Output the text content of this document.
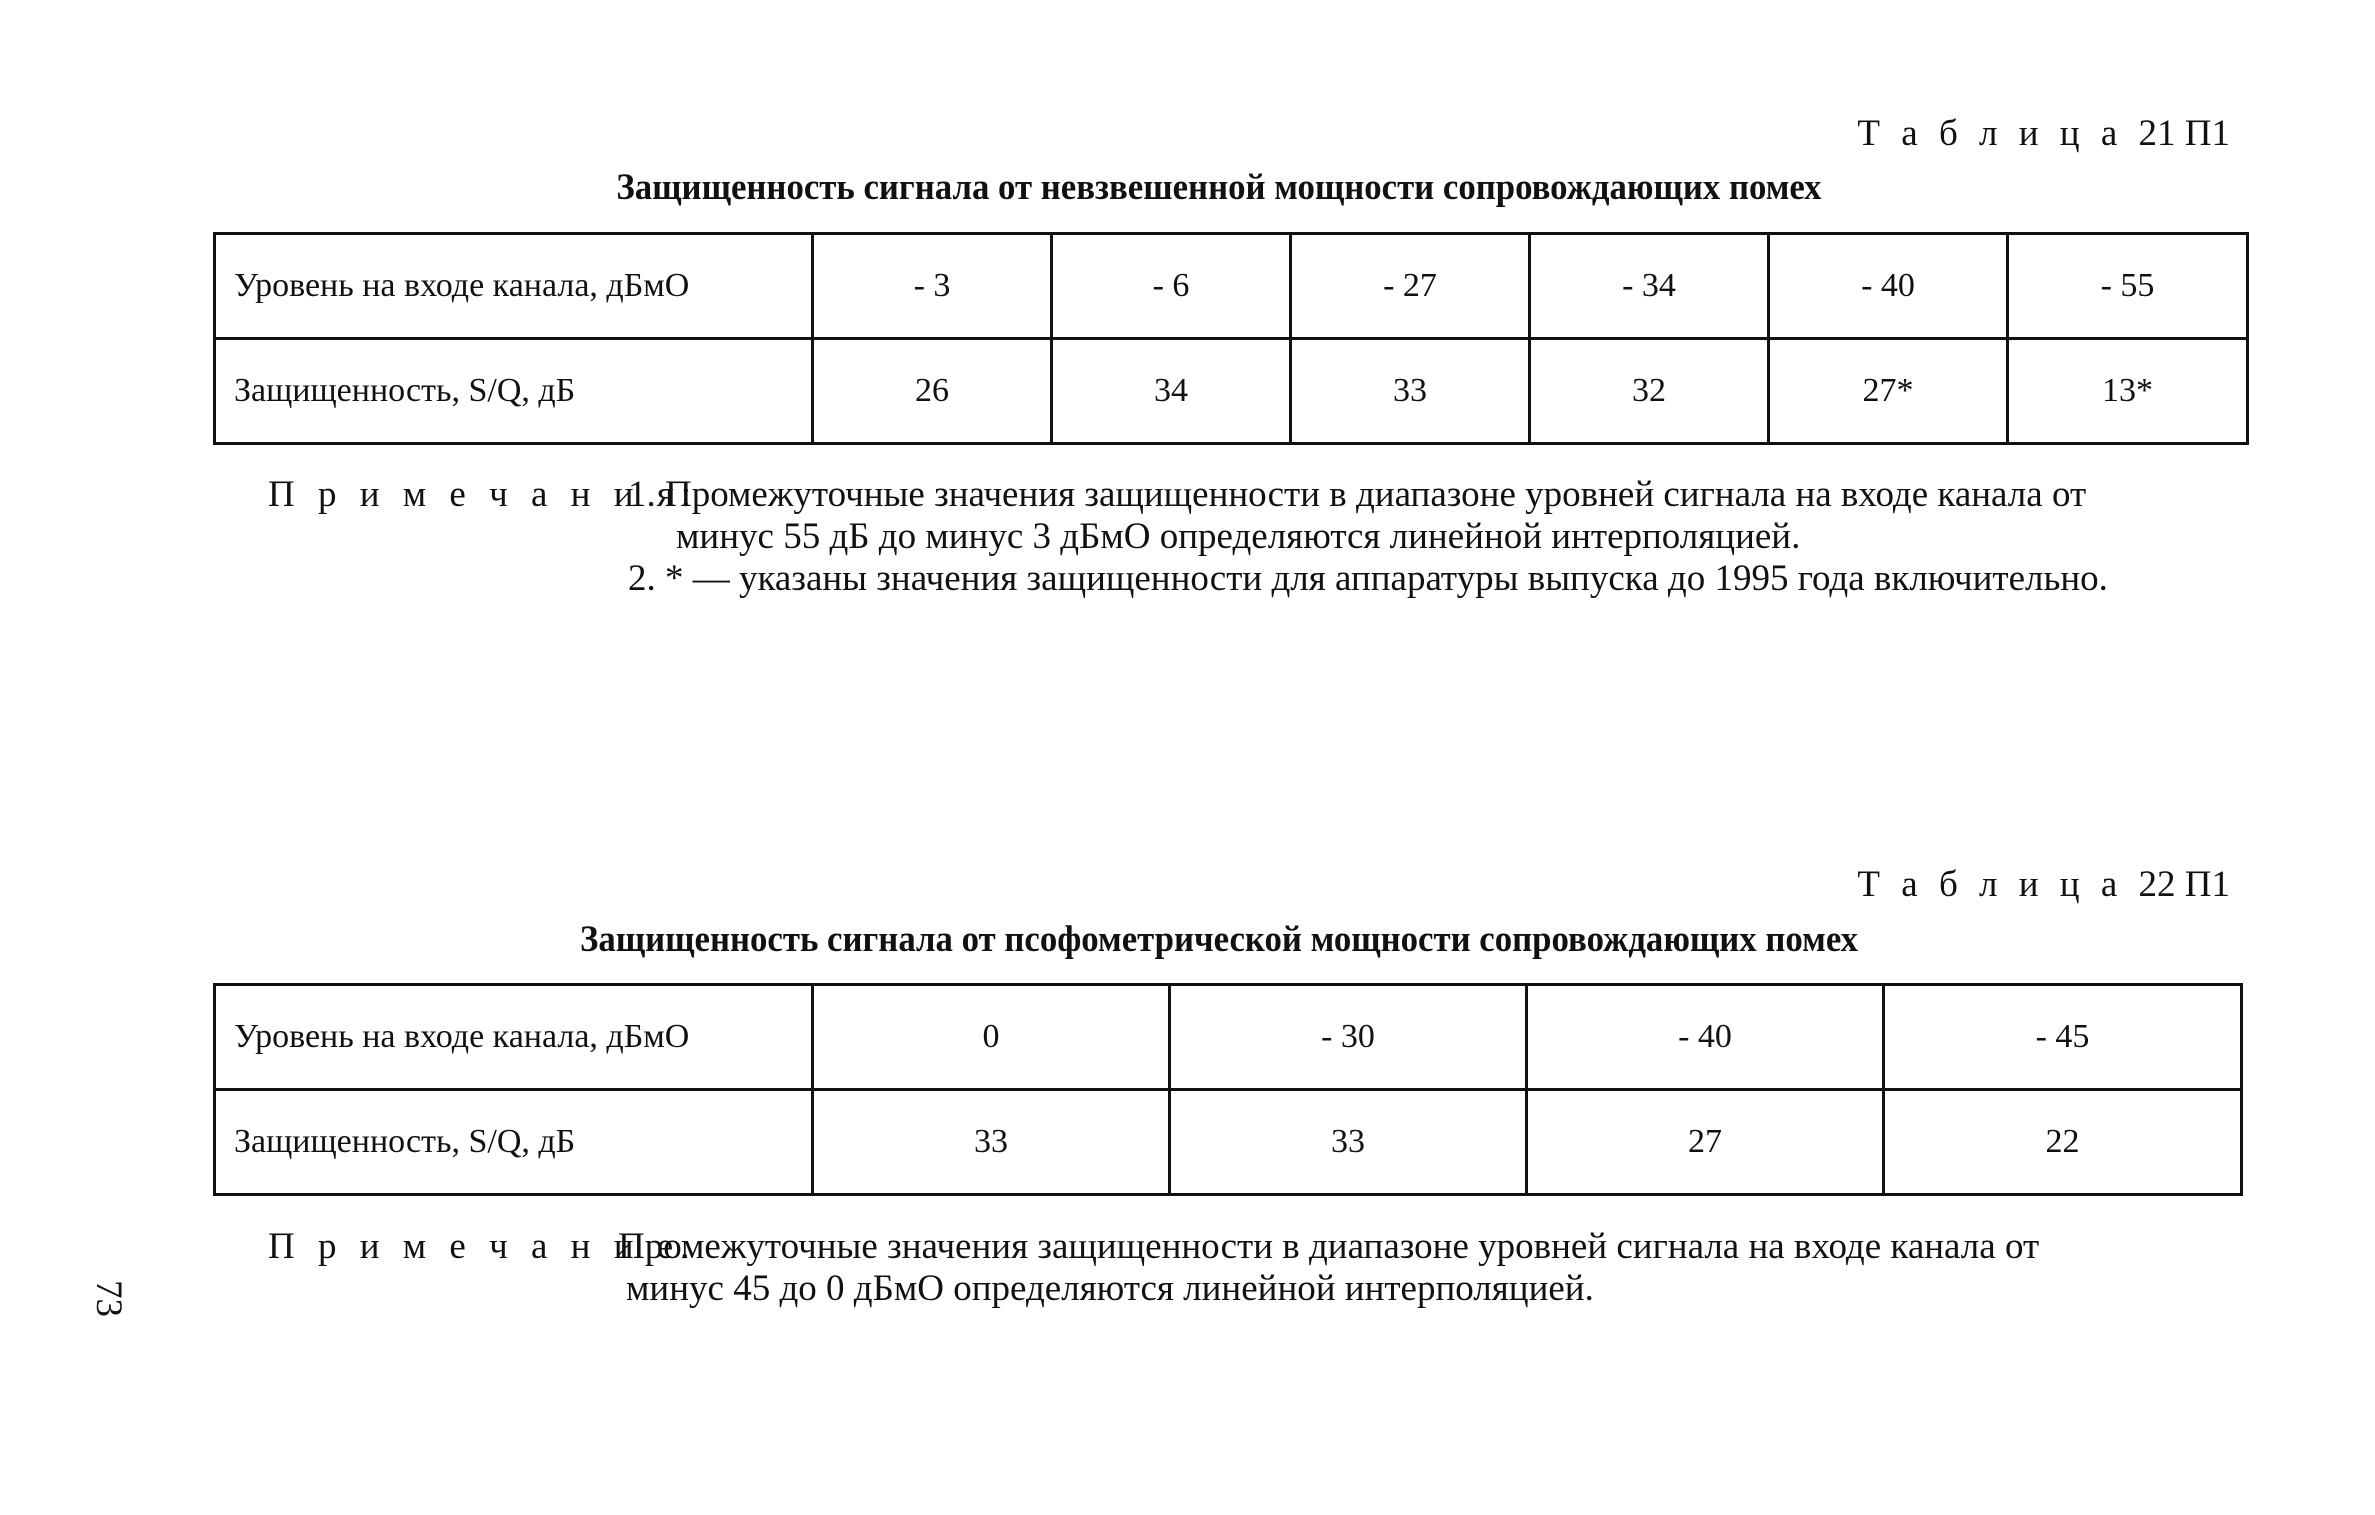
Т а б л и ц а 21 П1
Защищенность сигнала от невзвешенной мощности сопровождающих помех
Уровень на входе канала, дБмО	- 3	- 6	- 27	- 34	- 40	- 55
Защищенность, S/Q, дБ	26	34	33	32	27*	13*
П р и м е ч а н и я:
1. Промежуточные значения защищенности в диапазоне уровней сигнала на входе канала от
минус 55 дБ до минус 3 дБмО определяются линейной интерполяцией.
2. * — указаны значения защищенности для аппаратуры выпуска до 1995 года включительно.
Т а б л и ц а 22 П1
Защищенность сигнала от псофометрической мощности сопровождающих помех
Уровень на входе канала, дБмО	0	- 30	- 40	- 45
Защищенность, S/Q, дБ	33	33	27	22
П р и м е ч а н и е.
Промежуточные значения защищенности в диапазоне уровней сигнала на входе канала от
минус 45 до 0 дБмО определяются линейной интерполяцией.
73
